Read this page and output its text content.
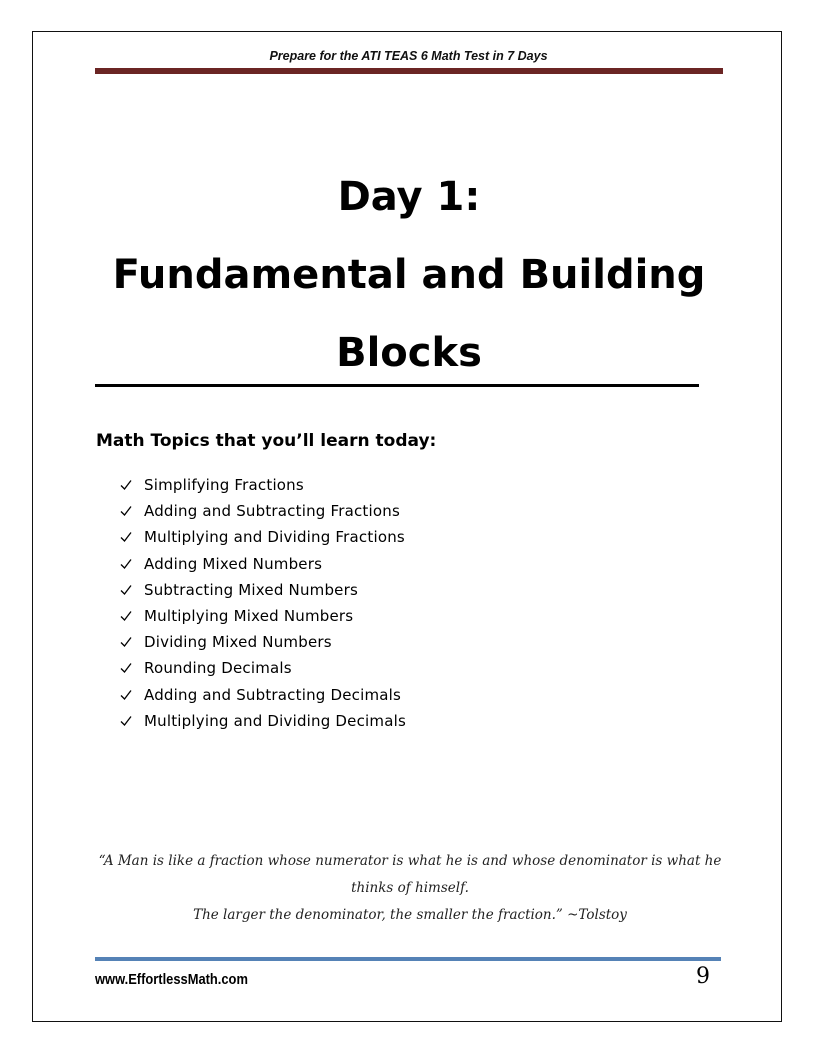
Prepare for the ATI TEAS 6 Math Test in 7 Days
Day 1:
Fundamental and Building
Blocks
Math Topics that you’ll learn today:
Simplifying Fractions
Adding and Subtracting Fractions
Multiplying and Dividing Fractions
Adding Mixed Numbers
Subtracting Mixed Numbers
Multiplying Mixed Numbers
Dividing Mixed Numbers
Rounding Decimals
Adding and Subtracting Decimals
Multiplying and Dividing Decimals
“A Man is like a fraction whose numerator is what he is and whose denominator is what he thinks of himself.
The larger the denominator, the smaller the fraction.” ~Tolstoy
www.EffortlessMath.com	9
